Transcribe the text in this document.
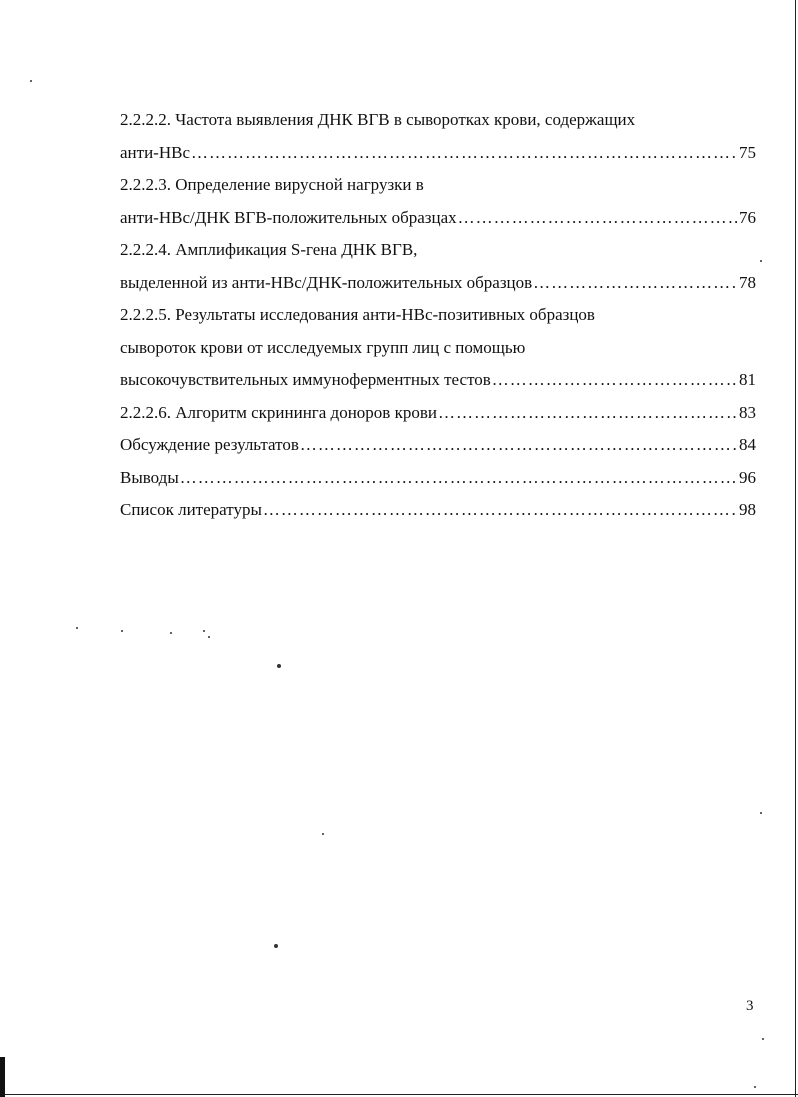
2.2.2.2. Частота выявления ДНК ВГВ в сыворотках крови, содержащих
анти-HBc ……………………………………………………………………………………………………………………………………………………………………	75
2.2.2.3. Определение вирусной нагрузки в
анти-HBc/ДНК ВГВ-положительных образцах ……………………………………………………………………………………………………………………………………………………………………	76
2.2.2.4. Амплификация S-гена ДНК ВГВ,
выделенной из анти-HBc/ДНК-положительных образцов ……………………………………………………………………………………………………………………………………………………………………	78
2.2.2.5. Результаты исследования анти-HBc-позитивных образцов
сывороток крови от исследуемых групп лиц с помощью
высокочувствительных иммуноферментных тестов ……………………………………………………………………………………………………………………………………………………………………	81
2.2.2.6. Алгоритм скрининга доноров крови ……………………………………………………………………………………………………………………………………………………………………	83
Обсуждение результатов ……………………………………………………………………………………………………………………………………………………………………	84
Выводы ……………………………………………………………………………………………………………………………………………………………………	96
Список литературы ……………………………………………………………………………………………………………………………………………………………………	98
3
